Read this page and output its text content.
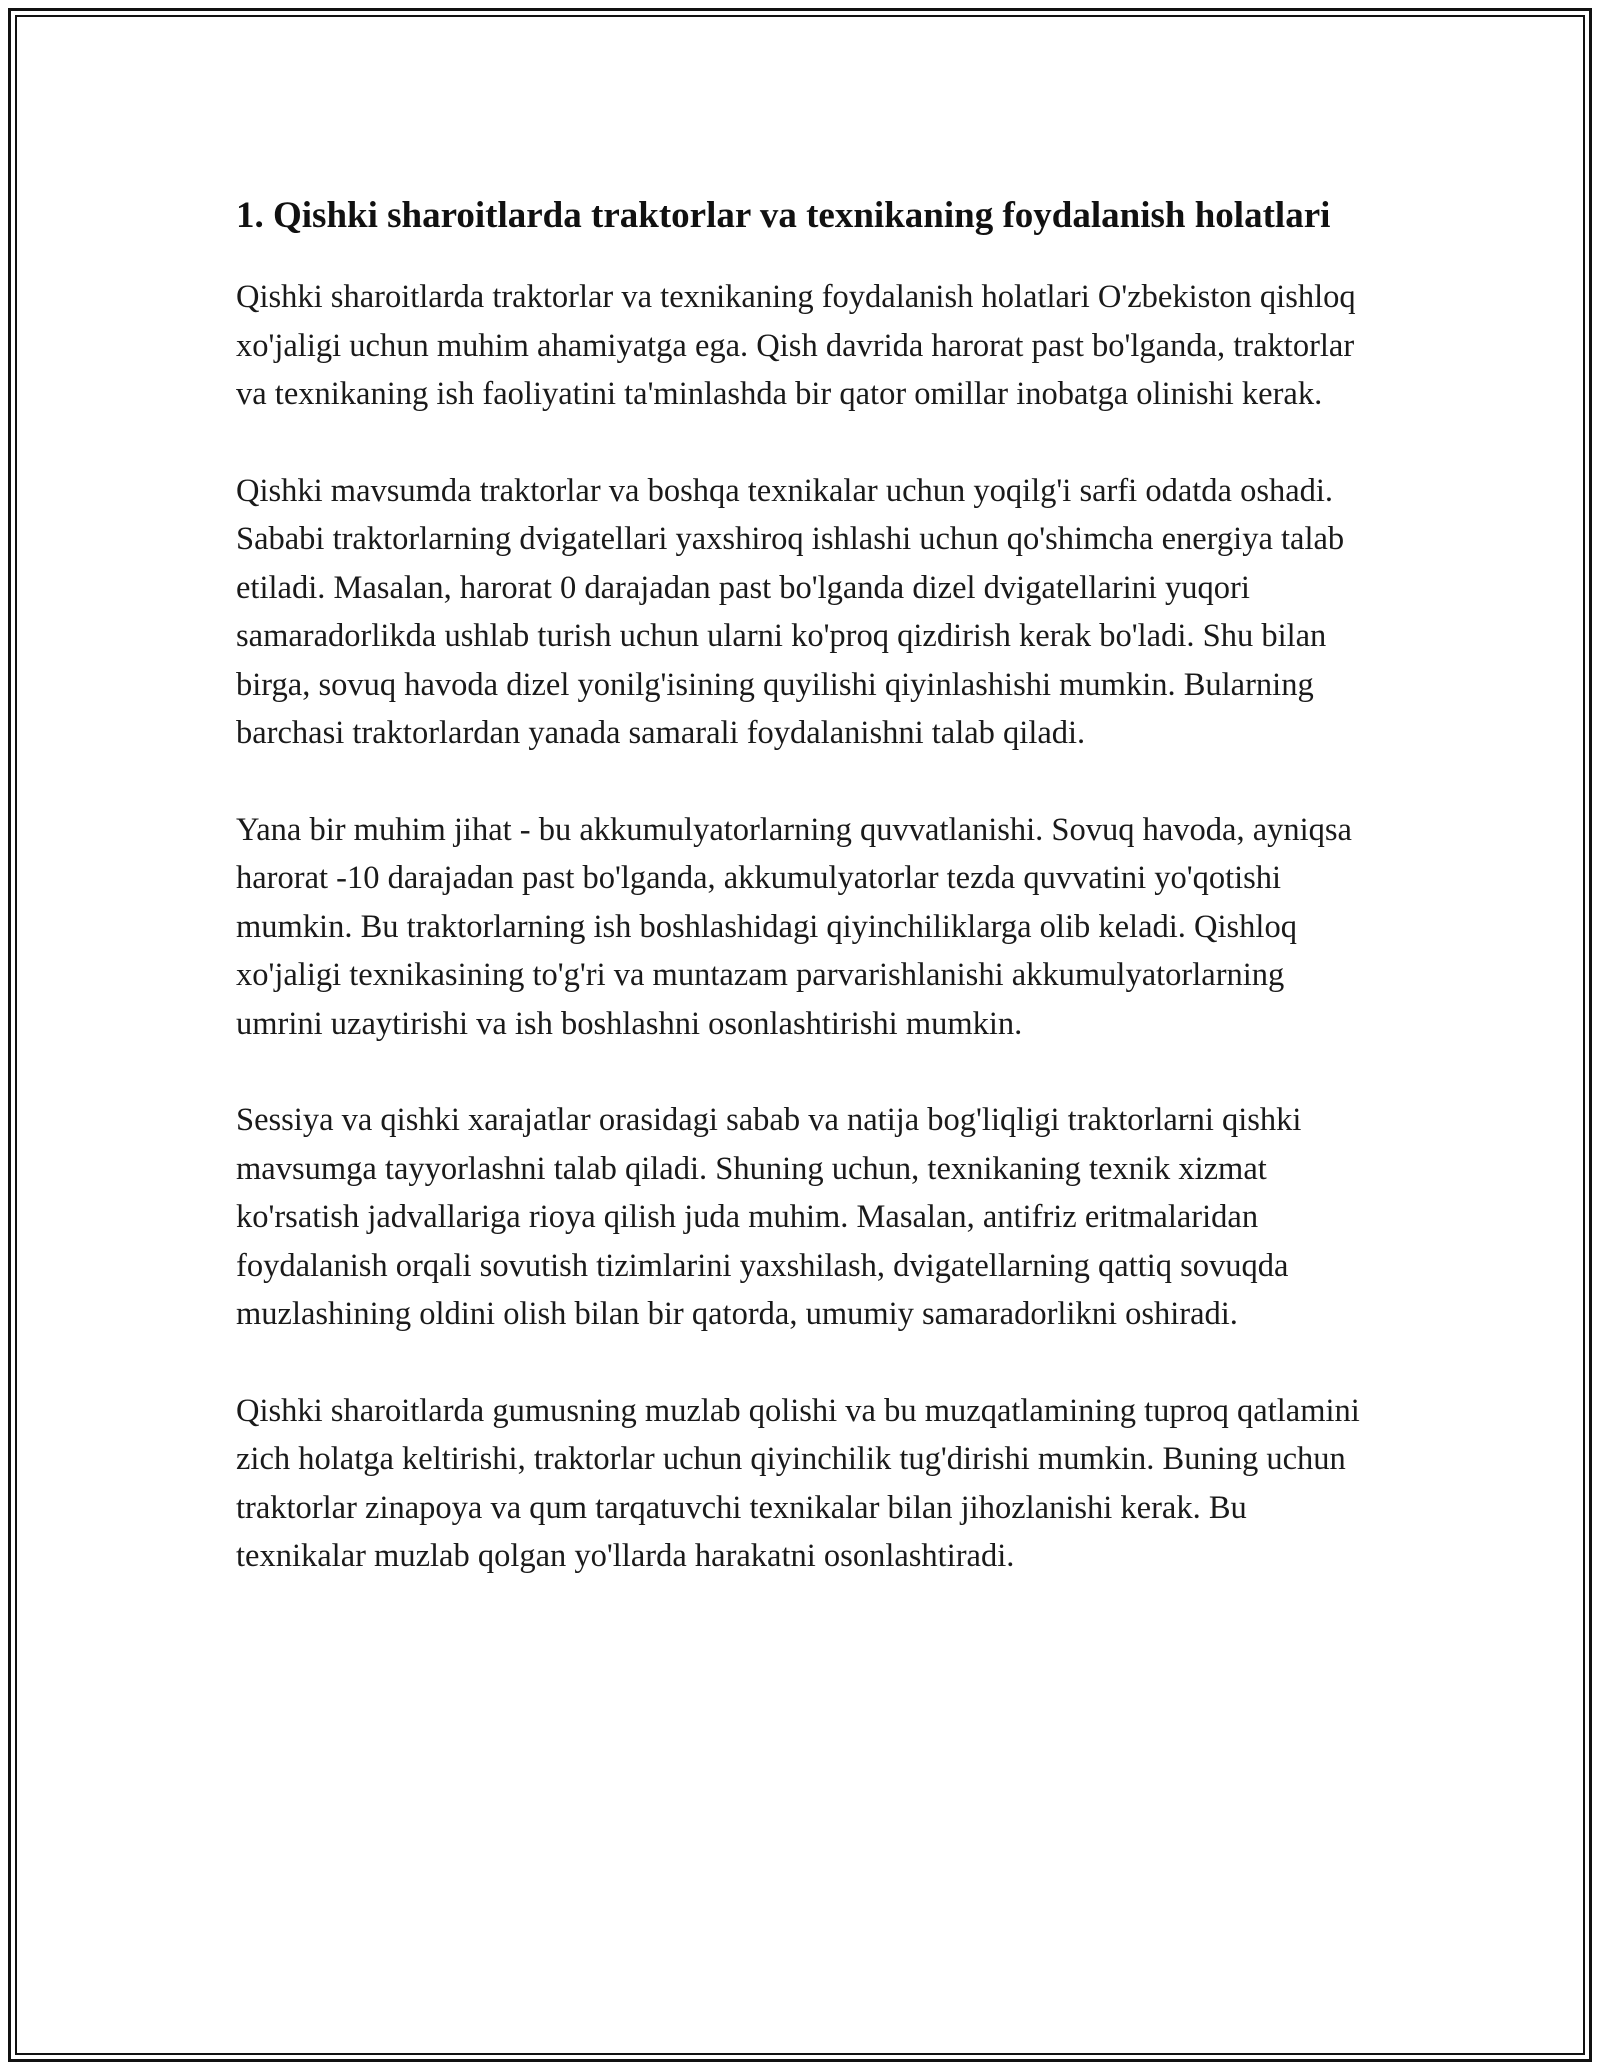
1. Qishki sharoitlarda traktorlar va texnikaning foydalanish holatlari

Qishki sharoitlarda traktorlar va texnikaning foydalanish holatlari O'zbekiston qishloq xo'jaligi uchun muhim ahamiyatga ega. Qish davrida harorat past bo'lganda, traktorlar va texnikaning ish faoliyatini ta'minlashda bir qator omillar inobatga olinishi kerak.

Qishki mavsumda traktorlar va boshqa texnikalar uchun yoqilg'i sarfi odatda oshadi. Sababi traktorlarning dvigatellari yaxshiroq ishlashi uchun qo'shimcha energiya talab etiladi. Masalan, harorat 0 darajadan past bo'lganda dizel dvigatellarini yuqori samaradorlikda ushlab turish uchun ularni ko'proq qizdirish kerak bo'ladi. Shu bilan birga, sovuq havoda dizel yonilg'isining quyilishi qiyinlashishi mumkin. Bularning barchasi traktorlardan yanada samarali foydalanishni talab qiladi.

Yana bir muhim jihat - bu akkumulyatorlarning quvvatlanishi. Sovuq havoda, ayniqsa harorat -10 darajadan past bo'lganda, akkumulyatorlar tezda quvvatini yo'qotishi mumkin. Bu traktorlarning ish boshlashidagi qiyinchiliklarga olib keladi. Qishloq xo'jaligi texnikasining to'g'ri va muntazam parvarishlanishi akkumulyatorlarning umrini uzaytirishi va ish boshlashni osonlashtirishi mumkin.

Sessiya va qishki xarajatlar orasidagi sabab va natija bog'liqligi traktorlarni qishki mavsumga tayyorlashni talab qiladi. Shuning uchun, texnikaning texnik xizmat ko'rsatish jadvallariga rioya qilish juda muhim. Masalan, antifriz eritmalaridan foydalanish orqali sovutish tizimlarini yaxshilash, dvigatellarning qattiq sovuqda muzlashining oldini olish bilan bir qatorda, umumiy samaradorlikni oshiradi.

Qishki sharoitlarda gumusning muzlab qolishi va bu muzqatlamining tuproq qatlamini zich holatga keltirishi, traktorlar uchun qiyinchilik tug'dirishi mumkin. Buning uchun traktorlar zinapoya va qum tarqatuvchi texnikalar bilan jihozlanishi kerak. Bu texnikalar muzlab qolgan yo'llarda harakatni osonlashtiradi.
